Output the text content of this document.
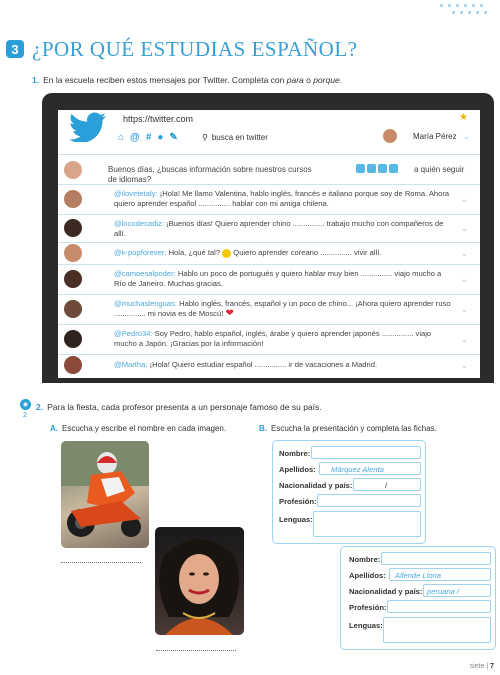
3 ¿POR QUÉ ESTUDIAS ESPAÑOL?
1. En la escuela reciben estos mensajes por Twitter. Completa con para o porque.
https://twitter.com	★
⌂ @ # ● ✎	⚲ busca en twitter	María Pérez ⌄
Buenos días, ¿buscas información sobre nuestros cursos de idiomas?
a quién seguir
@ilovetetaly: ¡Hola! Me llamo Valentina, hablo inglés, francés e italiano porque soy de Roma. Ahora quiero aprender español ............... hablar con mi amiga chilena.	⌄
@locodecadiz: ¡Buenos días! Quiero aprender chino ............... trabajo mucho con compañeros de allí.
⌄
@k-popforever: Hola, ¿qué tal?  Quiero aprender coreano ............... vivir allí.	⌄
@camoesalpoder: Hablo un poco de portugués y quiero hablar muy bien ............... viajo mucho a Río de Janeiro. Muchas gracias.	⌄
@muchaslenguas: Hablo inglés, francés, español y un poco de chino... ¡Ahora quiero aprender ruso ............... mi novia es de Moscú! ❤	⌄
@Pedro34: Soy Pedro, hablo español, inglés, árabe y quiero aprender japonés ............... viajo mucho a Japón. ¡Gracias por la información!	⌄
@Martha: ¡Hola! Quiero estudiar español ............... ir de vacaciones a Madrid.	⌄
◉
2
2. Para la fiesta, cada profesor presenta a un personaje famoso de su país.
A. Escucha y escribe el nombre en cada imagen.	B. Escucha la presentación y completa las fichas.
Nombre:
Apellidos: Márquez Alenta
Nacionalidad y país:	/
Profesión:
Lenguas:
Nombre:
Apellidos: Allende Llona
Nacionalidad y país: peruana /
Profesión:
Lenguas:
siete | 7
